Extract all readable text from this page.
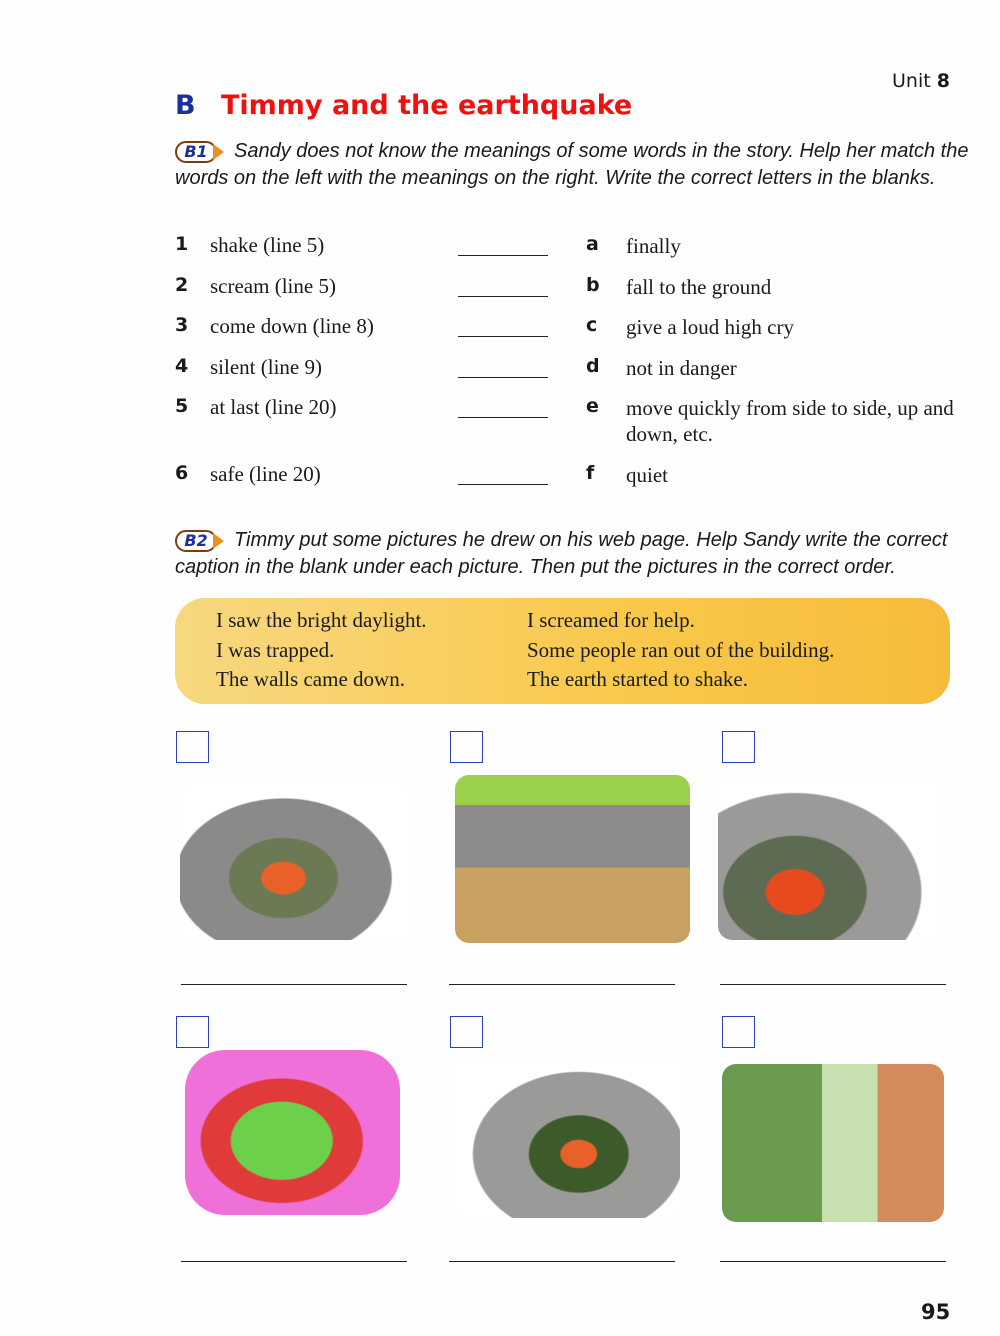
Unit 8
B Timmy and the earthquake
B1 Sandy does not know the meanings of some words in the story. Help her match the words on the left with the meanings on the right. Write the correct letters in the blanks.
1 shake (line 5)	a finally
2 scream (line 5)	b fall to the ground
3 come down (line 8)	c give a loud high cry
4 silent (line 9)	d not in danger
5 at last (line 20)	e move quickly from side to side, up and down, etc.
6 safe (line 20)	f quiet
B2 Timmy put some pictures he drew on his web page. Help Sandy write the correct caption in the blank under each picture. Then put the pictures in the correct order.
I saw the bright daylight.
I was trapped.
The walls came down.
I screamed for help.
Some people ran out of the building.
The earth started to shake.
95
